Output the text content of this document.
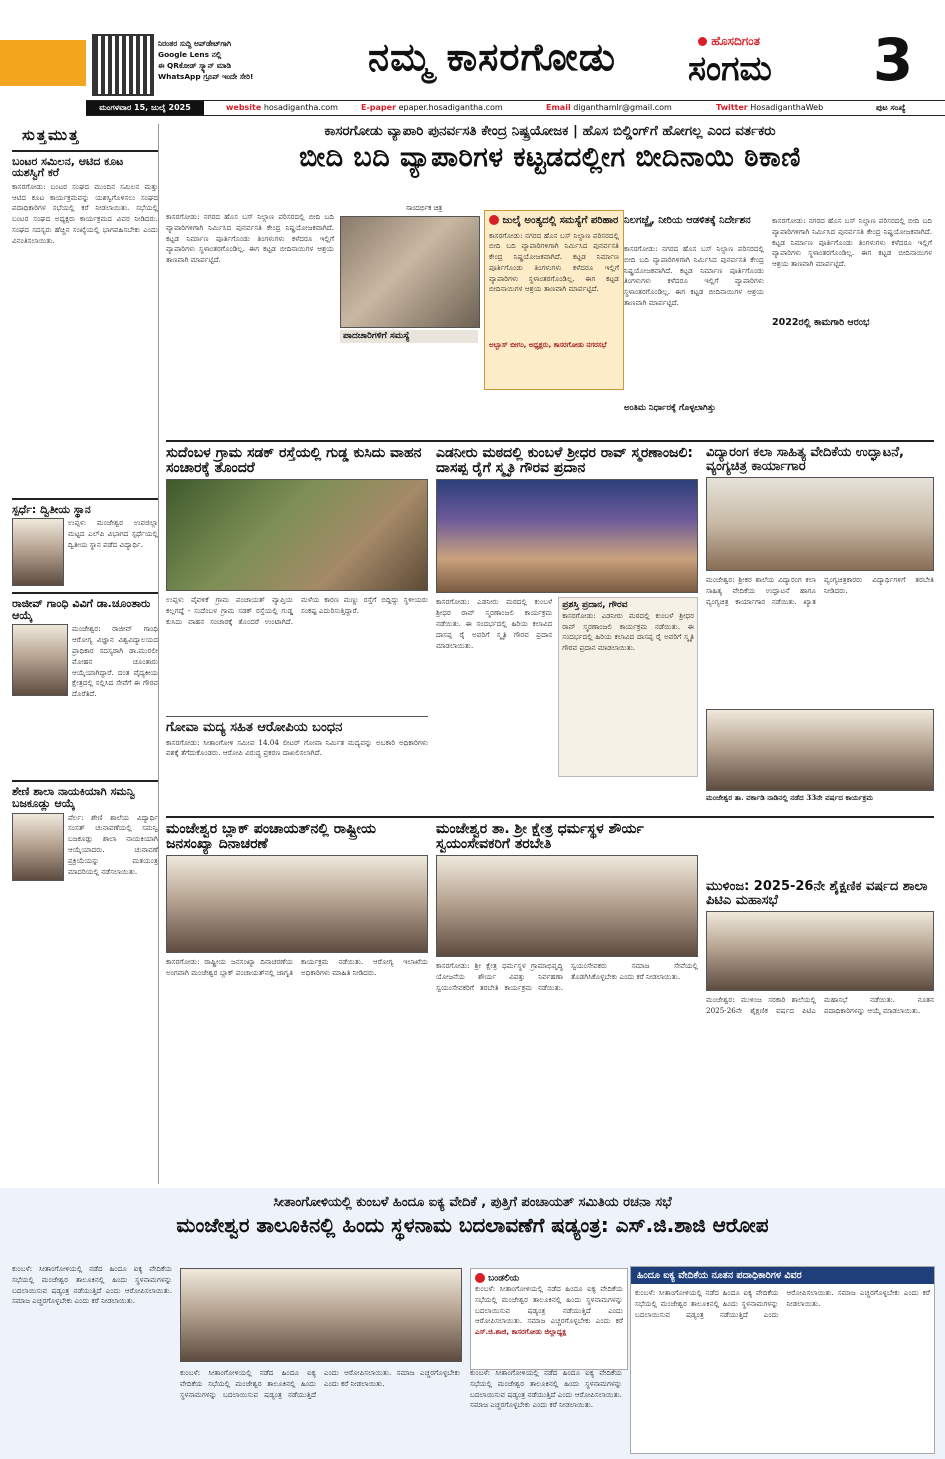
ನಿರಂತರ ಸುದ್ದಿ ಅಪ್‌ಡೇಟ್‌ಗಾಗಿ
Google Lens ನಲ್ಲಿ
ಈ QRಕೋಡ್ ಸ್ಕ್ಯಾನ್ ಮಾಡಿ
WhatsApp ಗ್ರೂಪ್ ಇಂದೇ ಸೇರಿ!	ನಮ್ಮ ಕಾಸರಗೋಡು	ಹೊಸದಿಗಂತ
ಸಂಗಮ 3
ಮಂಗಳವಾರ 15, ಜುಲೈ 2025	website hosadigantha.com	E-paper epaper.hosadigantha.com	Email diganthamlr@gmail.com	Twitter HosadiganthaWeb	ಪುಟ ಸಂಖ್ಯೆ
ಸುತ್ತಮುತ್ತ
ಬಂಟರ ಸಮಿಲನ, ಆಟಿದ ಕೂಟ ಯಶಸ್ವಿಗೆ ಕರೆ
ಕಾಸರಗೋಡು: ಬಂಟರ ಸಂಘದ ಮುಂದಿನ ಸಮಿಲನ ಮತ್ತು ಆಟಿದ ಕೂಟ ಕಾರ್ಯಕ್ರಮವನ್ನು ಯಶಸ್ವಿಗೊಳಿಸಲು ಸಂಘದ ಪದಾಧಿಕಾರಿಗಳ ಸಭೆಯಲ್ಲಿ ಕರೆ ನೀಡಲಾಯಿತು. ಸಭೆಯಲ್ಲಿ ಬಂಟರ ಸಂಘದ ಅಧ್ಯಕ್ಷರು ಕಾರ್ಯಕ್ರಮದ ವಿವರ ನೀಡಿದರು. ಸಂಘದ ಸದಸ್ಯರು ಹೆಚ್ಚಿನ ಸಂಖ್ಯೆಯಲ್ಲಿ ಭಾಗವಹಿಸಬೇಕು ಎಂದು ವಿನಂತಿಸಲಾಯಿತು.
ಸ್ಪರ್ಧೆ: ದ್ವಿತೀಯ ಸ್ಥಾನ
ಉಪ್ಪಳ: ಮಂಜೇಶ್ವರ ಉಪಜಿಲ್ಲಾ ಮಟ್ಟದ ಎಲ್‌ಪಿ ವಿಭಾಗದ ಸ್ಪರ್ಧೆಯಲ್ಲಿ ದ್ವಿತೀಯ ಸ್ಥಾನ ಪಡೆದ ವಿದ್ಯಾರ್ಥಿ.
ರಾಜೀವ್ ಗಾಂಧಿ ವಿವಿಗೆ ಡಾ.ಚೂಂತಾರು ಆಯ್ಕೆ
ಮಂಜೇಶ್ವರ: ರಾಜೀವ್ ಗಾಂಧಿ ಆರೋಗ್ಯ ವಿಜ್ಞಾನ ವಿಶ್ವವಿದ್ಯಾಲಯದ ಪ್ರಾಧಿಕಾರ ಸದಸ್ಯರಾಗಿ ಡಾ.ಮುರಲೀ ಮೋಹನ ಚೂಂತಾರು ಆಯ್ಕೆಯಾಗಿದ್ದಾರೆ. ದಂತ ವೈದ್ಯಕೀಯ ಕ್ಷೇತ್ರದಲ್ಲಿ ಸಲ್ಲಿಸಿದ ಸೇವೆಗೆ ಈ ಗೌರವ ದೊರೆತಿದೆ.
ಶೇಣಿ ಶಾಲಾ ನಾಯಕಿಯಾಗಿ ಸಮನ್ವಿ ಬಜಕೂಡ್ಲು ಆಯ್ಕೆ
ಪೆರ್ಲ: ಶೇಣಿ ಶಾಲೆಯ ವಿದ್ಯಾರ್ಥಿ ಸಂಸತ್ ಚುನಾವಣೆಯಲ್ಲಿ ಸಮನ್ವಿ ಬಜಕೂಡ್ಲು ಶಾಲಾ ನಾಯಕಿಯಾಗಿ ಆಯ್ಕೆಯಾದರು. ಚುನಾವಣೆ ಪ್ರಕ್ರಿಯೆಯನ್ನು ಮತಯಂತ್ರ ಮಾದರಿಯಲ್ಲಿ ನಡೆಸಲಾಯಿತು.
ಕಾಸರಗೋಡು ವ್ಯಾಪಾರಿ ಪುನರ್ವಸತಿ ಕೇಂದ್ರ ನಿಷ್ಪ್ರಯೋಜಕ | ಹೊಸ ಬಿಲ್ಡಿಂಗ್‌ಗೆ ಹೋಗಲ್ಲ ಎಂದ ವರ್ತಕರು
ಬೀದಿ ಬದಿ ವ್ಯಾಪಾರಿಗಳ ಕಟ್ಟಡದಲ್ಲೀಗ ಬೀದಿನಾಯಿ ಠಿಕಾಣಿ
ಕಾಸರಗೋಡು: ನಗರದ ಹೊಸ ಬಸ್ ನಿಲ್ದಾಣ ಪರಿಸರದಲ್ಲಿ ಬೀದಿ ಬದಿ ವ್ಯಾಪಾರಿಗಳಿಗಾಗಿ ನಿರ್ಮಿಸಿದ ಪುನರ್ವಸತಿ ಕೇಂದ್ರ ನಿಷ್ಪ್ರಯೋಜಕವಾಗಿದೆ. ಕಟ್ಟಡ ನಿರ್ಮಾಣ ಪೂರ್ತಿಗೊಂಡು ತಿಂಗಳುಗಳು ಕಳೆದರೂ ಇಲ್ಲಿಗೆ ವ್ಯಾಪಾರಿಗಳು ಸ್ಥಳಾಂತರಗೊಂಡಿಲ್ಲ. ಈಗ ಕಟ್ಟಡ ಬೀದಿನಾಯಿಗಳ ಆಶ್ರಯ ತಾಣವಾಗಿ ಮಾರ್ಪಟ್ಟಿದೆ.
ಸಾಂದರ್ಭಿಕ ಚಿತ್ರ
ಪಾದಚಾರಿಗಳಿಗೆ ಸಮಸ್ಯೆ
ಜುಲೈ ಅಂತ್ಯದಲ್ಲಿ ಸಮಸ್ಯೆಗೆ ಪರಿಹಾರ
ಕಾಸರಗೋಡು: ನಗರದ ಹೊಸ ಬಸ್ ನಿಲ್ದಾಣ ಪರಿಸರದಲ್ಲಿ ಬೀದಿ ಬದಿ ವ್ಯಾಪಾರಿಗಳಿಗಾಗಿ ನಿರ್ಮಿಸಿದ ಪುನರ್ವಸತಿ ಕೇಂದ್ರ ನಿಷ್ಪ್ರಯೋಜಕವಾಗಿದೆ. ಕಟ್ಟಡ ನಿರ್ಮಾಣ ಪೂರ್ತಿಗೊಂಡು ತಿಂಗಳುಗಳು ಕಳೆದರೂ ಇಲ್ಲಿಗೆ ವ್ಯಾಪಾರಿಗಳು ಸ್ಥಳಾಂತರಗೊಂಡಿಲ್ಲ. ಈಗ ಕಟ್ಟಡ ಬೀದಿನಾಯಿಗಳ ಆಶ್ರಯ ತಾಣವಾಗಿ ಮಾರ್ಪಟ್ಟಿದೆ.
ಅಬ್ಬಾಸ್ ಬೀಗಂ, ಅಧ್ಯಕ್ಷರು, ಕಾಸರಗೋಡು ನಗರಸಭೆ
ನಿಲಗಜ್ಜೈ, ನೀರಿಯ ಆಡಳಿತಕ್ಕೆ ನಿರ್ದೇಶನ
ಕಾಸರಗೋಡು: ನಗರದ ಹೊಸ ಬಸ್ ನಿಲ್ದಾಣ ಪರಿಸರದಲ್ಲಿ ಬೀದಿ ಬದಿ ವ್ಯಾಪಾರಿಗಳಿಗಾಗಿ ನಿರ್ಮಿಸಿದ ಪುನರ್ವಸತಿ ಕೇಂದ್ರ ನಿಷ್ಪ್ರಯೋಜಕವಾಗಿದೆ. ಕಟ್ಟಡ ನಿರ್ಮಾಣ ಪೂರ್ತಿಗೊಂಡು ತಿಂಗಳುಗಳು ಕಳೆದರೂ ಇಲ್ಲಿಗೆ ವ್ಯಾಪಾರಿಗಳು ಸ್ಥಳಾಂತರಗೊಂಡಿಲ್ಲ. ಈಗ ಕಟ್ಟಡ ಬೀದಿನಾಯಿಗಳ ಆಶ್ರಯ ತಾಣವಾಗಿ ಮಾರ್ಪಟ್ಟಿದೆ.
ಅಂತಿಮ ನಿರ್ಧಾರಕ್ಕೆ ಗೊಳ್ಳಲಾಗಿತ್ತು
2022ರಲ್ಲಿ ಕಾಮಗಾರಿ ಆರಂಭ
ಕಾಸರಗೋಡು: ನಗರದ ಹೊಸ ಬಸ್ ನಿಲ್ದಾಣ ಪರಿಸರದಲ್ಲಿ ಬೀದಿ ಬದಿ ವ್ಯಾಪಾರಿಗಳಿಗಾಗಿ ನಿರ್ಮಿಸಿದ ಪುನರ್ವಸತಿ ಕೇಂದ್ರ ನಿಷ್ಪ್ರಯೋಜಕವಾಗಿದೆ. ಕಟ್ಟಡ ನಿರ್ಮಾಣ ಪೂರ್ತಿಗೊಂಡು ತಿಂಗಳುಗಳು ಕಳೆದರೂ ಇಲ್ಲಿಗೆ ವ್ಯಾಪಾರಿಗಳು ಸ್ಥಳಾಂತರಗೊಂಡಿಲ್ಲ. ಈಗ ಕಟ್ಟಡ ಬೀದಿನಾಯಿಗಳ ಆಶ್ರಯ ತಾಣವಾಗಿ ಮಾರ್ಪಟ್ಟಿದೆ.
ಸುದೆಂಬಳ ಗ್ರಾಮ ಸಡಕ್ ರಸ್ತೆಯಲ್ಲಿ ಗುಡ್ಡ ಕುಸಿದು ವಾಹನ ಸಂಚಾರಕ್ಕೆ ತೊಂದರೆ
ಉಪ್ಪಳ: ಪೈವಳಿಕೆ ಗ್ರಾಮ ಪಂಚಾಯತ್ ವ್ಯಾಪ್ತಿಯ ಕಲ್ಲಗದ್ದೆ - ಸುದೆಂಬಳ ಗ್ರಾಮ ಸಡಕ್ ರಸ್ತೆಯಲ್ಲಿ ಗುಡ್ಡ ಕುಸಿದು ವಾಹನ ಸಂಚಾರಕ್ಕೆ ತೊಂದರೆ ಉಂಟಾಗಿದೆ. ಮಳೆಯ ಕಾರಣ ಮಣ್ಣು ರಸ್ತೆಗೆ ಬಿದ್ದಿದ್ದು ಸ್ಥಳೀಯರು ಸಂಕಷ್ಟ ಎದುರಿಸುತ್ತಿದ್ದಾರೆ.
ಎಡನೀರು ಮಠದಲ್ಲಿ ಕುಂಬಳೆ ಶ್ರೀಧರ ರಾವ್ ಸ್ಮರಣಾಂಜಲಿ: ದಾಸಪ್ಪ ರೈಗೆ ಸ್ಮೃತಿ ಗೌರವ ಪ್ರದಾನ
ಕಾಸರಗೋಡು: ಎಡನೀರು ಮಠದಲ್ಲಿ ಕುಂಬಳೆ ಶ್ರೀಧರ ರಾವ್ ಸ್ಮರಣಾಂಜಲಿ ಕಾರ್ಯಕ್ರಮ ನಡೆಯಿತು. ಈ ಸಂದರ್ಭದಲ್ಲಿ ಹಿರಿಯ ಕಲಾವಿದ ದಾಸಪ್ಪ ರೈ ಅವರಿಗೆ ಸ್ಮೃತಿ ಗೌರವ ಪ್ರದಾನ ಮಾಡಲಾಯಿತು.
ಪ್ರಶಸ್ತಿ ಪ್ರದಾನ, ಗೌರವ
ಕಾಸರಗೋಡು: ಎಡನೀರು ಮಠದಲ್ಲಿ ಕುಂಬಳೆ ಶ್ರೀಧರ ರಾವ್ ಸ್ಮರಣಾಂಜಲಿ ಕಾರ್ಯಕ್ರಮ ನಡೆಯಿತು. ಈ ಸಂದರ್ಭದಲ್ಲಿ ಹಿರಿಯ ಕಲಾವಿದ ದಾಸಪ್ಪ ರೈ ಅವರಿಗೆ ಸ್ಮೃತಿ ಗೌರವ ಪ್ರದಾನ ಮಾಡಲಾಯಿತು.
ವಿದ್ಯಾರಂಗ ಕಲಾ ಸಾಹಿತ್ಯ ವೇದಿಕೆಯ ಉದ್ಘಾಟನೆ, ವ್ಯಂಗ್ಯಚಿತ್ರ ಕಾರ್ಯಾಗಾರ
ಮಂಜೇಶ್ವರ: ಶ್ರೀಕರ ಶಾಲೆಯ ವಿದ್ಯಾರಂಗ ಕಲಾ ಸಾಹಿತ್ಯ ವೇದಿಕೆಯ ಉದ್ಘಾಟನೆ ಹಾಗೂ ವ್ಯಂಗ್ಯಚಿತ್ರ ಕಾರ್ಯಾಗಾರ ನಡೆಯಿತು. ಖ್ಯಾತ ವ್ಯಂಗ್ಯಚಿತ್ರಕಾರರು ವಿದ್ಯಾರ್ಥಿಗಳಿಗೆ ತರಬೇತಿ ನೀಡಿದರು.
ಮಂಜೇಶ್ವರ ತಾ. ವರ್ಕಾಡಿ ನಾಡಿನಲ್ಲಿ ನಡೆದ 33ನೇ ವರ್ಷದ ಕಾರ್ಯಕ್ರಮ
ಗೋವಾ ಮದ್ಯ ಸಹಿತ ಆರೋಪಿಯ ಬಂಧನ
ಕಾಸರಗೋಡು: ಸೀತಾಂಗೋಳಿ ಸಮೀಪ 14.04 ಲೀಟರ್ ಗೋವಾ ನಿರ್ಮಿತ ಮದ್ಯವನ್ನು ಅಬಕಾರಿ ಅಧಿಕಾರಿಗಳು ವಶಕ್ಕೆ ತೆಗೆದುಕೊಂಡರು. ಆರೋಪಿ ವಿರುದ್ಧ ಪ್ರಕರಣ ದಾಖಲಿಸಲಾಗಿದೆ.
ಮಂಜೇಶ್ವರ ಬ್ಲಾಕ್ ಪಂಚಾಯತ್‌ನಲ್ಲಿ ರಾಷ್ಟ್ರೀಯ ಜನಸಂಖ್ಯಾ ದಿನಾಚರಣೆ
ಕಾಸರಗೋಡು: ರಾಷ್ಟ್ರೀಯ ಜನಸಂಖ್ಯಾ ದಿನಾಚರಣೆಯ ಅಂಗವಾಗಿ ಮಂಜೇಶ್ವರ ಬ್ಲಾಕ್ ಪಂಚಾಯತ್‌ನಲ್ಲಿ ಜಾಗೃತಿ ಕಾರ್ಯಕ್ರಮ ನಡೆಯಿತು. ಆರೋಗ್ಯ ಇಲಾಖೆಯ ಅಧಿಕಾರಿಗಳು ಮಾಹಿತಿ ನೀಡಿದರು.
ಮಂಜೇಶ್ವರ ತಾ. ಶ್ರೀ ಕ್ಷೇತ್ರ ಧರ್ಮಸ್ಥಳ ಶೌರ್ಯ ಸ್ವಯಂಸೇವಕರಿಗೆ ತರಬೇತಿ
ಕಾಸರಗೋಡು: ಶ್ರೀ ಕ್ಷೇತ್ರ ಧರ್ಮಸ್ಥಳ ಗ್ರಾಮಾಭಿವೃದ್ಧಿ ಯೋಜನೆಯ ಶೌರ್ಯ ವಿಪತ್ತು ನಿರ್ವಹಣಾ ಸ್ವಯಂಸೇವಕರಿಗೆ ತರಬೇತಿ ಕಾರ್ಯಕ್ರಮ ನಡೆಯಿತು. ಸ್ವಯಂಸೇವಕರು ಸಮಾಜ ಸೇವೆಯಲ್ಲಿ ತೊಡಗಿಸಿಕೊಳ್ಳಬೇಕು ಎಂದು ಕರೆ ನೀಡಲಾಯಿತು.
ಮುಳಿಂಜ: 2025-26ನೇ ಶೈಕ್ಷಣಿಕ ವರ್ಷದ ಶಾಲಾ ಪಿಟಿಎ ಮಹಾಸಭೆ
ಮಂಜೇಶ್ವರ: ಮುಳಿಂಜ ಸರಕಾರಿ ಶಾಲೆಯಲ್ಲಿ 2025-26ನೇ ಶೈಕ್ಷಣಿಕ ವರ್ಷದ ಪಿಟಿಎ ಮಹಾಸಭೆ ನಡೆಯಿತು. ನೂತನ ಪದಾಧಿಕಾರಿಗಳನ್ನು ಆಯ್ಕೆ ಮಾಡಲಾಯಿತು.
ಸೀತಾಂಗೋಳಿಯಲ್ಲಿ ಕುಂಬಳೆ ಹಿಂದೂ ಐಕ್ಯ ವೇದಿಕೆ , ಪುತ್ತಿಗೆ ಪಂಚಾಯತ್ ಸಮಿತಿಯ ರಚನಾ ಸಭೆ
ಮಂಜೇಶ್ವರ ತಾಲೂಕಿನಲ್ಲಿ ಹಿಂದು ಸ್ಥಳನಾಮ ಬದಲಾವಣೆಗೆ ಷಡ್ಯಂತ್ರ: ಎಸ್.ಜಿ.ಶಾಜಿ ಆರೋಪ
ಕುಂಬಳೆ: ಸೀತಾಂಗೋಳಿಯಲ್ಲಿ ನಡೆದ ಹಿಂದೂ ಐಕ್ಯ ವೇದಿಕೆಯ ಸಭೆಯಲ್ಲಿ ಮಂಜೇಶ್ವರ ತಾಲೂಕಿನಲ್ಲಿ ಹಿಂದು ಸ್ಥಳನಾಮಗಳನ್ನು ಬದಲಾಯಿಸುವ ಷಡ್ಯಂತ್ರ ನಡೆಯುತ್ತಿದೆ ಎಂದು ಆರೋಪಿಸಲಾಯಿತು. ಸಮಾಜ ಎಚ್ಚರಗೊಳ್ಳಬೇಕು ಎಂದು ಕರೆ ನೀಡಲಾಯಿತು.
ಕುಂಬಳೆ: ಸೀತಾಂಗೋಳಿಯಲ್ಲಿ ನಡೆದ ಹಿಂದೂ ಐಕ್ಯ ವೇದಿಕೆಯ ಸಭೆಯಲ್ಲಿ ಮಂಜೇಶ್ವರ ತಾಲೂಕಿನಲ್ಲಿ ಹಿಂದು ಸ್ಥಳನಾಮಗಳನ್ನು ಬದಲಾಯಿಸುವ ಷಡ್ಯಂತ್ರ ನಡೆಯುತ್ತಿದೆ ಎಂದು ಆರೋಪಿಸಲಾಯಿತು. ಸಮಾಜ ಎಚ್ಚರಗೊಳ್ಳಬೇಕು ಎಂದು ಕರೆ ನೀಡಲಾಯಿತು.
ಬಂಡಲಿಯ
ಕುಂಬಳೆ: ಸೀತಾಂಗೋಳಿಯಲ್ಲಿ ನಡೆದ ಹಿಂದೂ ಐಕ್ಯ ವೇದಿಕೆಯ ಸಭೆಯಲ್ಲಿ ಮಂಜೇಶ್ವರ ತಾಲೂಕಿನಲ್ಲಿ ಹಿಂದು ಸ್ಥಳನಾಮಗಳನ್ನು ಬದಲಾಯಿಸುವ ಷಡ್ಯಂತ್ರ ನಡೆಯುತ್ತಿದೆ ಎಂದು ಆರೋಪಿಸಲಾಯಿತು. ಸಮಾಜ ಎಚ್ಚರಗೊಳ್ಳಬೇಕು ಎಂದು ಕರೆ
ಎಸ್.ಜಿ.ಶಾಜಿ, ಕಾಸರಗೋಡು ಜಿಲ್ಲಾಧ್ಯಕ್ಷ
ಕುಂಬಳೆ: ಸೀತಾಂಗೋಳಿಯಲ್ಲಿ ನಡೆದ ಹಿಂದೂ ಐಕ್ಯ ವೇದಿಕೆಯ ಸಭೆಯಲ್ಲಿ ಮಂಜೇಶ್ವರ ತಾಲೂಕಿನಲ್ಲಿ ಹಿಂದು ಸ್ಥಳನಾಮಗಳನ್ನು ಬದಲಾಯಿಸುವ ಷಡ್ಯಂತ್ರ ನಡೆಯುತ್ತಿದೆ ಎಂದು ಆರೋಪಿಸಲಾಯಿತು. ಸಮಾಜ ಎಚ್ಚರಗೊಳ್ಳಬೇಕು ಎಂದು ಕರೆ ನೀಡಲಾಯಿತು.
ಹಿಂದೂ ಐಕ್ಯ ವೇದಿಕೆಯ ನೂತನ ಪದಾಧಿಕಾರಿಗಳ ವಿವರ
ಕುಂಬಳೆ: ಸೀತಾಂಗೋಳಿಯಲ್ಲಿ ನಡೆದ ಹಿಂದೂ ಐಕ್ಯ ವೇದಿಕೆಯ ಸಭೆಯಲ್ಲಿ ಮಂಜೇಶ್ವರ ತಾಲೂಕಿನಲ್ಲಿ ಹಿಂದು ಸ್ಥಳನಾಮಗಳನ್ನು ಬದಲಾಯಿಸುವ ಷಡ್ಯಂತ್ರ ನಡೆಯುತ್ತಿದೆ ಎಂದು ಆರೋಪಿಸಲಾಯಿತು. ಸಮಾಜ ಎಚ್ಚರಗೊಳ್ಳಬೇಕು ಎಂದು ಕರೆ ನೀಡಲಾಯಿತು.
